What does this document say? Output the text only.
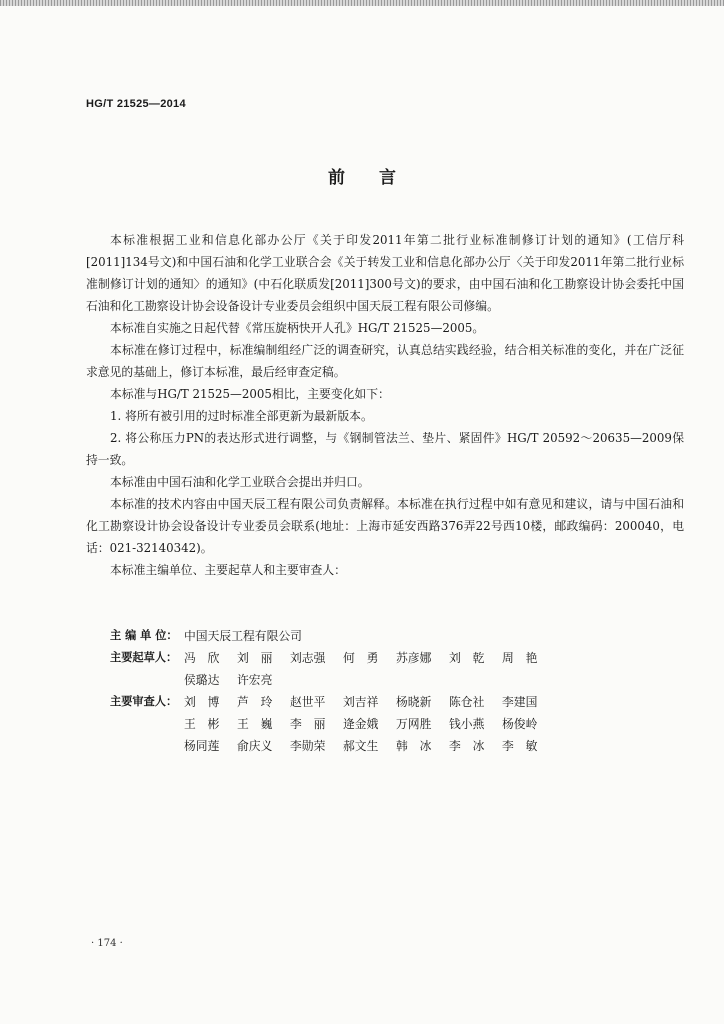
HG/T 21525—2014
前言

本标准根据工业和信息化部办公厅《关于印发2011年第二批行业标准制修订计划的通知》(工信厅科[2011]134号文)和中国石油和化学工业联合会《关于转发工业和信息化部办公厅〈关于印发2011年第二批行业标准制修订计划的通知〉的通知》(中石化联质发[2011]300号文)的要求，由中国石油和化工勘察设计协会委托中国石油和化工勘察设计协会设备设计专业委员会组织中国天辰工程有限公司修编。

本标准自实施之日起代替《常压旋柄快开人孔》HG/T 21525—2005。

本标准在修订过程中，标准编制组经广泛的调查研究，认真总结实践经验，结合相关标准的变化，并在广泛征求意见的基础上，修订本标准，最后经审查定稿。

本标准与HG/T 21525—2005相比，主要变化如下：

1. 将所有被引用的过时标准全部更新为最新版本。

2. 将公称压力PN的表达形式进行调整，与《钢制管法兰、垫片、紧固件》HG/T 20592～20635—2009保持一致。

本标准由中国石油和化学工业联合会提出并归口。

本标准的技术内容由中国天辰工程有限公司负责解释。本标准在执行过程中如有意见和建议，请与中国石油和化工勘察设计协会设备设计专业委员会联系(地址：上海市延安西路376弄22号西10楼，邮政编码：200040，电话：021-32140342)。

本标准主编单位、主要起草人和主要审查人：

主 编 单 位： 中国天辰工程有限公司
主要起草人： 冯　欣	刘　丽	刘志强	何　勇	苏彦娜	刘　乾	周　艳
侯璐达	许宏亮
主要审查人： 刘　博	芦　玲	赵世平	刘吉祥	杨晓新	陈仓社	李建国
王　彬	王　巍	李　丽	逄金娥	万网胜	钱小燕	杨俊岭
杨同莲	俞庆义	李勋荣	郝文生	韩　冰	李　冰	李　敏
· 174 ·
